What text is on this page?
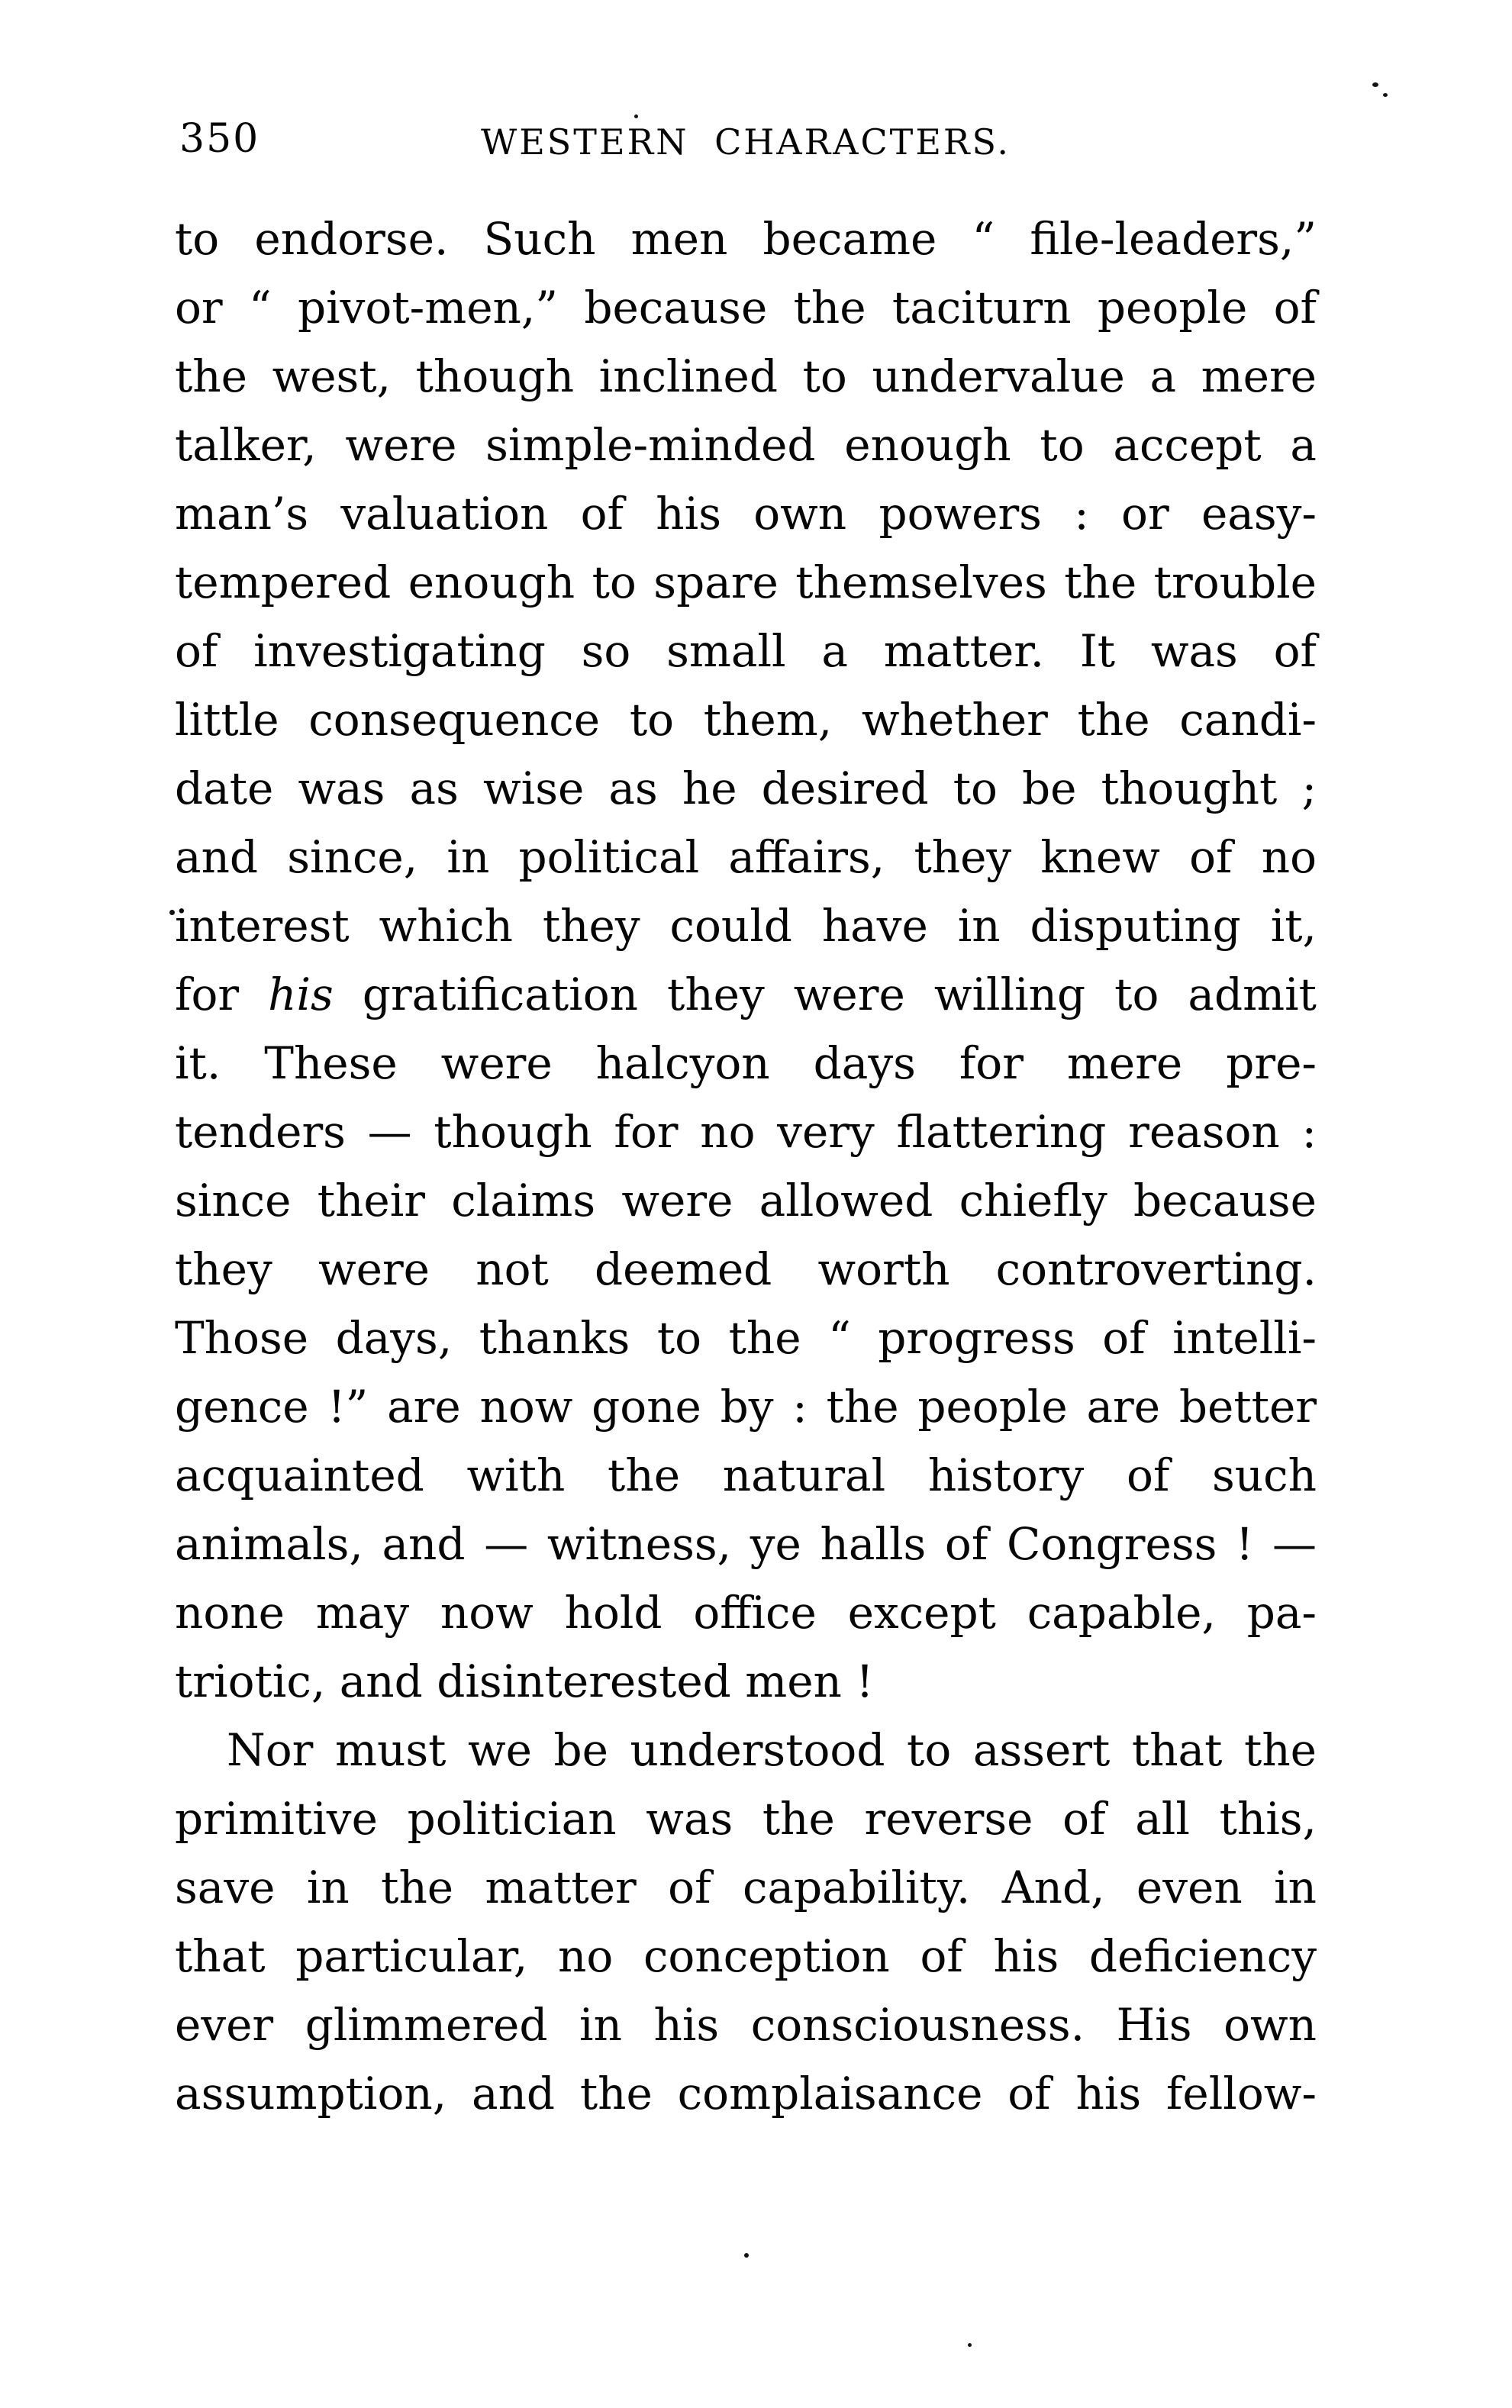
350	WESTERN CHARACTERS.
to endorse. Such men became “ file-leaders,”
or “ pivot-men,” because the taciturn people of
the west, though inclined to undervalue a mere
talker, were simple-minded enough to accept a
man’s valuation of his own powers : or easy-
tempered enough to spare themselves the trouble
of investigating so small a matter. It was of
little consequence to them, whether the candi-
date was as wise as he desired to be thought ;
and since, in political affairs, they knew of no
interest which they could have in disputing it,
for his gratification they were willing to admit
it. These were halcyon days for mere pre-
tenders — though for no very flattering reason :
since their claims were allowed chiefly because
they were not deemed worth controverting.
Those days, thanks to the “ progress of intelli-
gence !” are now gone by : the people are better
acquainted with the natural history of such
animals, and — witness, ye halls of Congress ! —
none may now hold office except capable, pa-
triotic, and disinterested men !
Nor must we be understood to assert that the
primitive politician was the reverse of all this,
save in the matter of capability. And, even in
that particular, no conception of his deficiency
ever glimmered in his consciousness. His own
assumption, and the complaisance of his fellow-
